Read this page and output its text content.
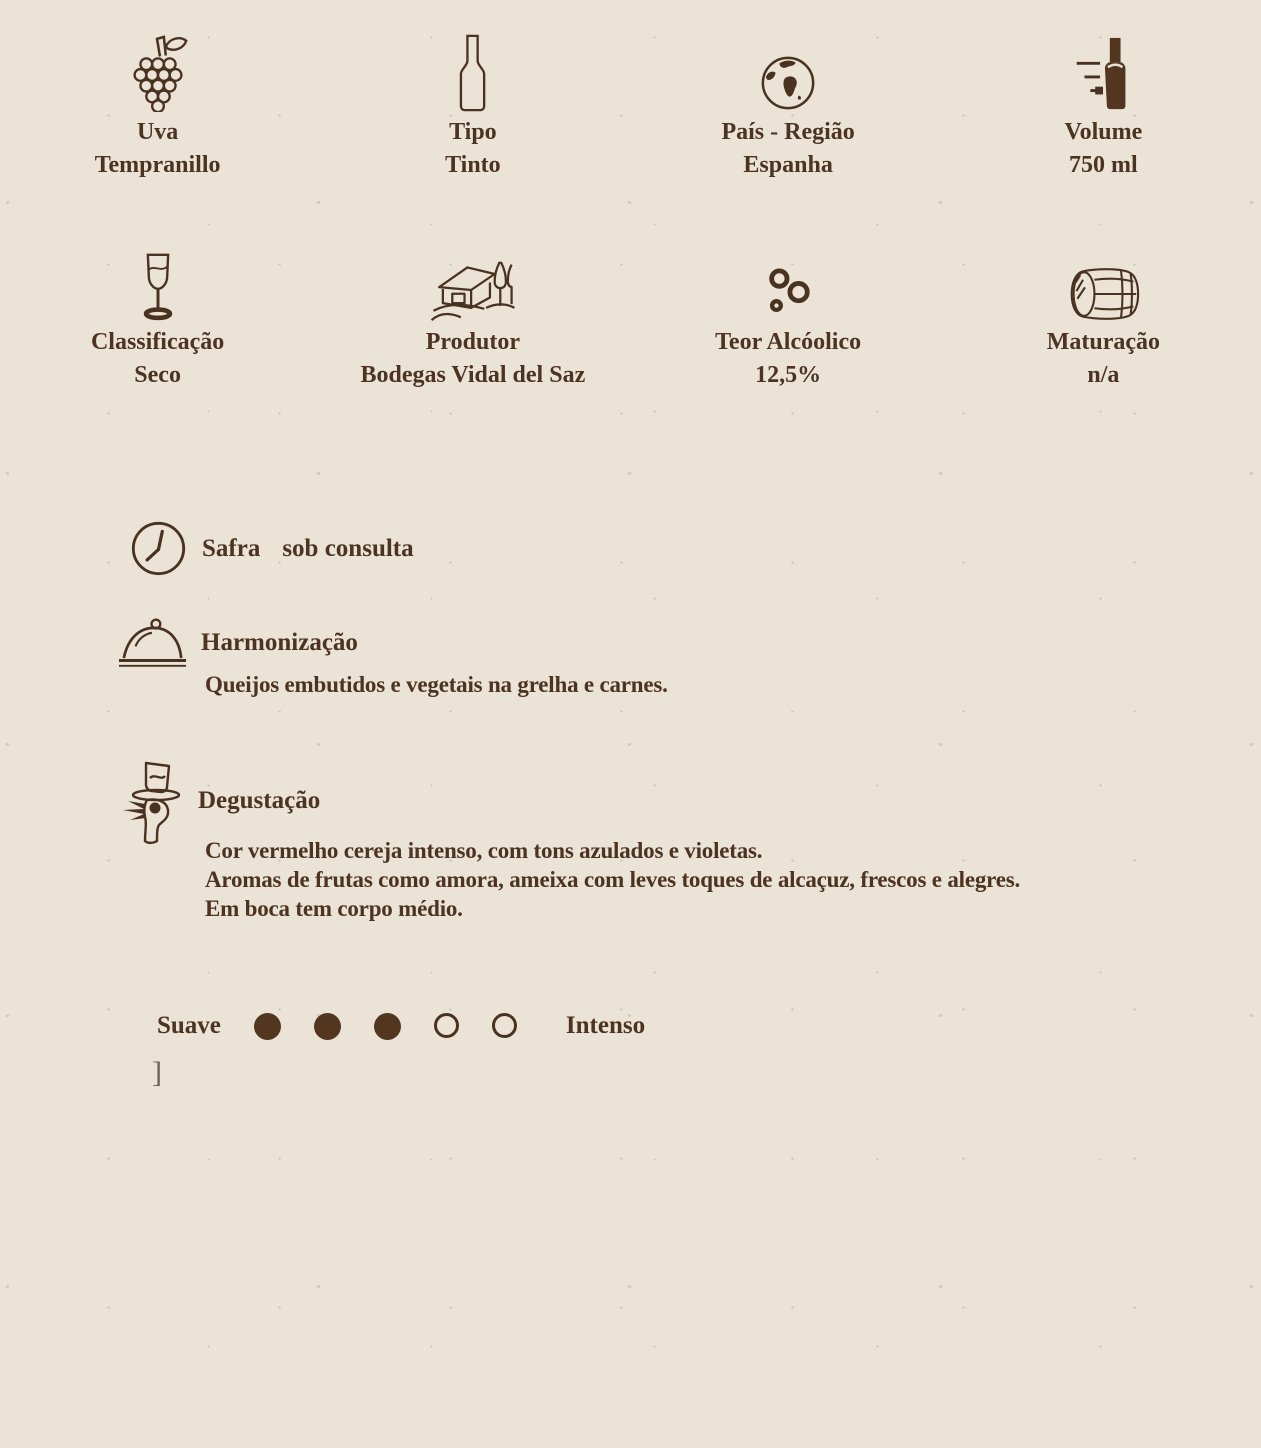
Uva
Tempranillo
Tipo
Tinto
País - Região
Espanha
Volume
750 ml
Classificação
Seco
Produtor
Bodegas Vidal del Saz
Teor Alcóolico
12,5%
Maturação
n/a
Safra sob consulta
Harmonização
Queijos embutidos e vegetais na grelha e carnes.
Degustação
Cor vermelho cereja intenso, com tons azulados e violetas.
Aromas de frutas como amora, ameixa com leves toques de alcaçuz, frescos e alegres.
Em boca tem corpo médio.
Suave	Intenso
]
